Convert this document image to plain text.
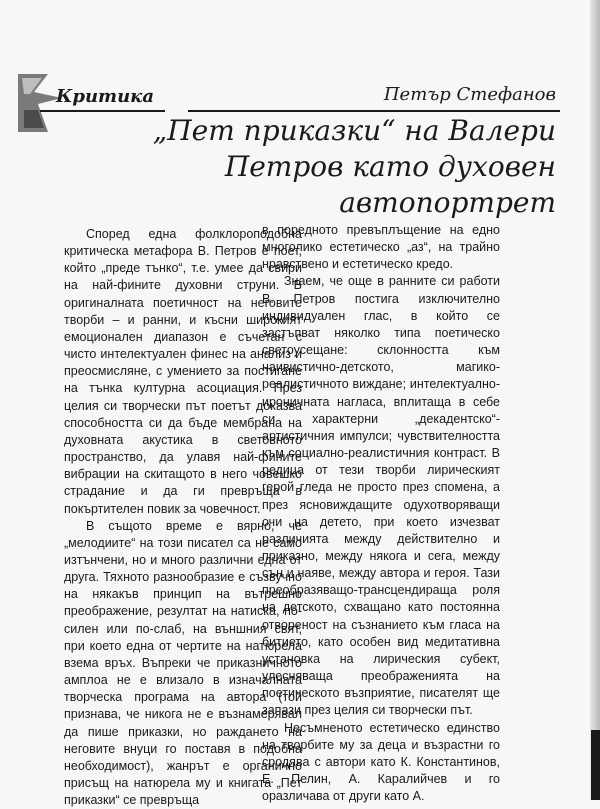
Критика	Петър Стефанов
„Пет приказки“ на Валери
Петров като духовен
автопортрет

Според една фолклороподобна критическа метафора В. Петров е поет, който „преде тънко“, т.е. умее да свири на най-фините духовни струни. В оригиналната поетичност на неговите творби – и ранни, и късни широкият емоционален диапазон е съчетан с чисто интелектуален финес на анализ и преосмисляне, с умението за постигане на тънка културна асоциация. През целия си творчески път поетът доказва способността си да бъде мембрана на духовната акустика в световното пространство, да улавя най-фините вибрации на скитащото в него човешко страдание и да ги превръща в покъртителен повик за човечност.

В същото време е вярно, че „мелодиите“ на този писател са не само изтънчени, но и много различни една от друга. Тяхното разнообразие е съзвучно на някакъв принцип на вътрешно преображение, резултат на натиска, по-силен или по-слаб, на външния свят, при което една от чертите на натюрела взема връх. Въпреки че приказничното амплоа не е влизало в изначалната творческа програма на автора (той признава, че никога не е възнамерявал да пише приказки, но раждането на неговите внуци го поставя в подобна необходимост), жанрът е органично присъщ на натюрела му и книгата „Пет приказки“ се превръща

в поредното превъплъщение на едно многолико естетическо „аз“, на трайно нравствено и естетическо кредо.

Знаем, че още в ранните си работи В. Петров постига изключително индивидуален глас, в който се застъпват няколко типа поетическо светоусещане: склонността към наивистично-детското, магико-реалистичното виждане; интелектуално-ироничната нагласа, вплитаща в себе си характерни „декадентско“-артистичния импулси; чувствителността към социално-реалистичния контраст. В редица от тези творби лирическият герой гледа не просто през спомена, а през ясновиждащите одухотворяващи очи на детето, при което изчезват различията между действително и приказно, между някога и сега, между сън и наяве, между автора и героя. Тази преобразяващо-трансцендираща роля на детското, схващано като постоянна отвореност на съзнанието към гласа на битието, като особен вид медитативна установка на лирическия субект, улесняваща преображенията на поетическото възприятие, писателят ще запази през целия си творчески път.

Несъмненото естетическо единство на творбите му за деца и възрастни го сродява с автори като К. Константинов, Е. Пелин, А. Каралийчев и го оразличава от други като А.
